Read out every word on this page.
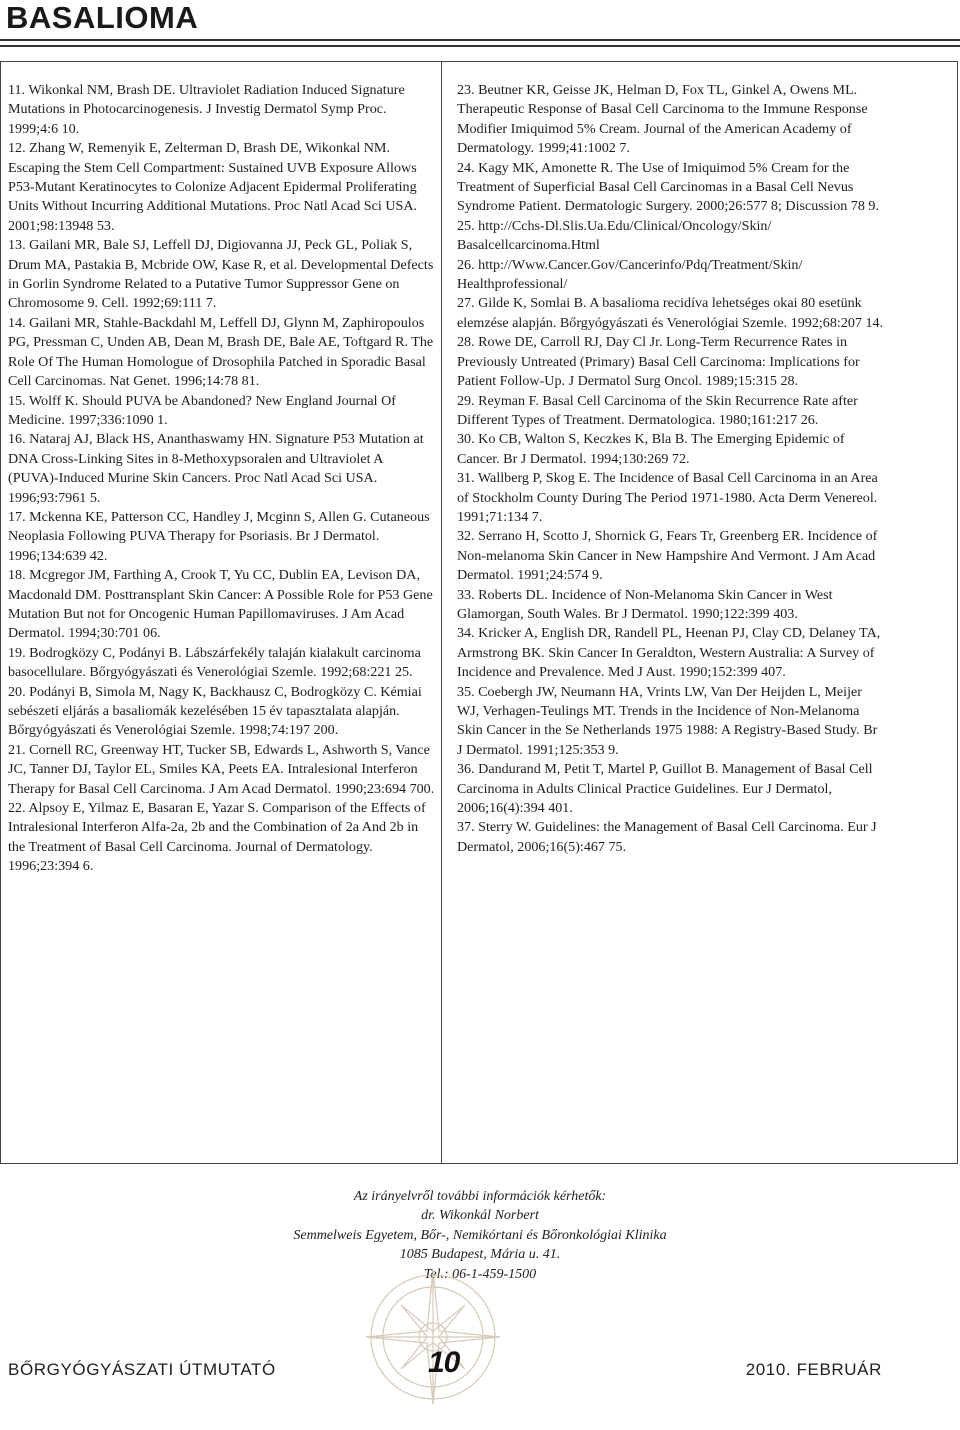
BASALIOMA

11. Wikonkal NM, Brash DE. Ultraviolet Radiation Induced Signature Mutations in Photocarcinogenesis. J Investig Dermatol Symp Proc. 1999;4:6 10.

12. Zhang W, Remenyik E, Zelterman D, Brash DE, Wikonkal NM. Escaping the Stem Cell Compartment: Sustained UVB Exposure Allows P53-Mutant Keratinocytes to Colonize Adjacent Epidermal Proliferating Units Without Incurring Additional Mutations. Proc Natl Acad Sci USA. 2001;98:13948 53.

13. Gailani MR, Bale SJ, Leffell DJ, Digiovanna JJ, Peck GL, Poliak S, Drum MA, Pastakia B, Mcbride OW, Kase R, et al. Developmental Defects in Gorlin Syndrome Related to a Putative Tumor Suppressor Gene on Chromosome 9. Cell. 1992;69:111 7.

14. Gailani MR, Stahle-Backdahl M, Leffell DJ, Glynn M, Zaphiropoulos PG, Pressman C, Unden AB, Dean M, Brash DE, Bale AE, Toftgard R. The Role Of The Human Homologue of Drosophila Patched in Sporadic Basal Cell Carcinomas. Nat Genet. 1996;14:78 81.

15. Wolff K. Should PUVA be Abandoned? New England Journal Of Medicine. 1997;336:1090 1.

16. Nataraj AJ, Black HS, Ananthaswamy HN. Signature P53 Mutation at DNA Cross-Linking Sites in 8-Methoxypsoralen and Ultraviolet A (PUVA)-Induced Murine Skin Cancers. Proc Natl Acad Sci USA. 1996;93:7961 5.

17. Mckenna KE, Patterson CC, Handley J, Mcginn S, Allen G. Cutaneous Neoplasia Following PUVA Therapy for Psoriasis. Br J Dermatol. 1996;134:639 42.

18. Mcgregor JM, Farthing A, Crook T, Yu CC, Dublin EA, Levison DA, Macdonald DM. Posttransplant Skin Cancer: A Possible Role for P53 Gene Mutation But not for Oncogenic Human Papillomaviruses. J Am Acad Dermatol. 1994;30:701 06.

19. Bodrogközy C, Podányi B. Lábszárfekély talaján kialakult carcinoma basocellulare. Bőrgyógyászati és Venerológiai Szemle. 1992;68:221 25.

20. Podányi B, Simola M, Nagy K, Backhausz C, Bodrogközy C. Kémiai sebészeti eljárás a basaliomák kezelésében 15 év tapasztalata alapján. Bőrgyógyászati és Venerológiai Szemle. 1998;74:197 200.

21. Cornell RC, Greenway HT, Tucker SB, Edwards L, Ashworth S, Vance JC, Tanner DJ, Taylor EL, Smiles KA, Peets EA. Intralesional Interferon Therapy for Basal Cell Carcinoma. J Am Acad Dermatol. 1990;23:694 700.

22. Alpsoy E, Yilmaz E, Basaran E, Yazar S. Comparison of the Effects of Intralesional Interferon Alfa-2a, 2b and the Combination of 2a And 2b in the Treatment of Basal Cell Carcinoma. Journal of Dermatology. 1996;23:394 6.

23. Beutner KR, Geisse JK, Helman D, Fox TL, Ginkel A, Owens ML. Therapeutic Response of Basal Cell Carcinoma to the Immune Response Modifier Imiquimod 5% Cream. Journal of the American Academy of Dermatology. 1999;41:1002 7.

24. Kagy MK, Amonette R. The Use of Imiquimod 5% Cream for the Treatment of Superficial Basal Cell Carcinomas in a Basal Cell Nevus Syndrome Patient. Dermatologic Surgery. 2000;26:577 8; Discussion 78 9.

25. http://Cchs-Dl.Slis.Ua.Edu/Clinical/Oncology/Skin/ Basalcellcarcinoma.Html

26. http://Www.Cancer.Gov/Cancerinfo/Pdq/Treatment/Skin/ Healthprofessional/

27. Gilde K, Somlai B. A basalioma recidíva lehetséges okai 80 esetünk elemzése alapján. Bőrgyógyászati és Venerológiai Szemle. 1992;68:207 14.

28. Rowe DE, Carroll RJ, Day Cl Jr. Long-Term Recurrence Rates in Previously Untreated (Primary) Basal Cell Carcinoma: Implications for Patient Follow-Up. J Dermatol Surg Oncol. 1989;15:315 28.

29. Reyman F. Basal Cell Carcinoma of the Skin Recurrence Rate after Different Types of Treatment. Dermatologica. 1980;161:217 26.

30. Ko CB, Walton S, Keczkes K, Bla B. The Emerging Epidemic of Cancer. Br J Dermatol. 1994;130:269 72.

31. Wallberg P, Skog E. The Incidence of Basal Cell Carcinoma in an Area of Stockholm County During The Period 1971-1980. Acta Derm Venereol. 1991;71:134 7.

32. Serrano H, Scotto J, Shornick G, Fears Tr, Greenberg ER. Incidence of Non-melanoma Skin Cancer in New Hampshire And Vermont. J Am Acad Dermatol. 1991;24:574 9.

33. Roberts DL. Incidence of Non-Melanoma Skin Cancer in West Glamorgan, South Wales. Br J Dermatol. 1990;122:399 403.

34. Kricker A, English DR, Randell PL, Heenan PJ, Clay CD, Delaney TA, Armstrong BK. Skin Cancer In Geraldton, Western Australia: A Survey of Incidence and Prevalence. Med J Aust. 1990;152:399 407.

35. Coebergh JW, Neumann HA, Vrints LW, Van Der Heijden L, Meijer WJ, Verhagen-Teulings MT. Trends in the Incidence of Non-Melanoma Skin Cancer in the Se Netherlands 1975 1988: A Registry-Based Study. Br J Dermatol. 1991;125:353 9.

36. Dandurand M, Petit T, Martel P, Guillot B. Management of Basal Cell Carcinoma in Adults Clinical Practice Guidelines. Eur J Dermatol, 2006;16(4):394 401.

37. Sterry W. Guidelines: the Management of Basal Cell Carcinoma. Eur J Dermatol, 2006;16(5):467 75.

Az irányelvről további információk kérhetők:
dr. Wikonkál Norbert
Semmelweis Egyetem, Bőr-, Nemikórtani és Bőronkológiai Klinika
1085 Budapest, Mária u. 41.
Tel.: 06-1-459-1500
BŐRGYÓGYÁSZATI ÚTMUTATÓ	10	2010. FEBRUÁR
